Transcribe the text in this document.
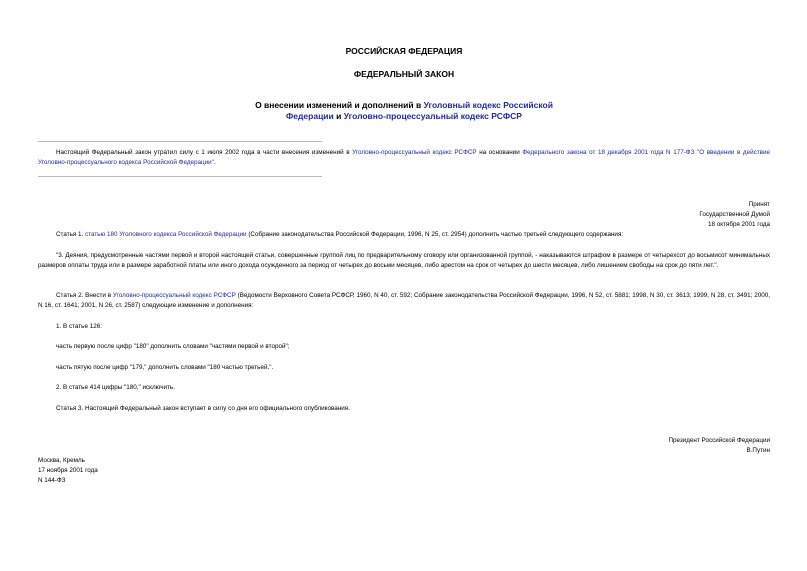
РОССИЙСКАЯ ФЕДЕРАЦИЯ
ФЕДЕРАЛЬНЫЙ ЗАКОН
О внесении изменений и дополнений в Уголовный кодекс Российской Федерации и Уголовно-процессуальный кодекс РСФСР
Настоящий Федеральный закон утратил силу с 1 июля 2002 года в части внесения изменений в Уголовно-процессуальный кодекс РСФСР на основании Федерального закона от 18 декабря 2001 года N 177-ФЗ "О введении в действие Уголовно-процессуального кодекса Российской Федерации".
Принят
Государственной Думой
18 октября 2001 года
Статья 1. статью 180 Уголовного кодекса Российской Федерации (Собрание законодательства Российской Федерации, 1996, N 25, ст. 2954) дополнить частью третьей следующего содержания:
"3. Деяния, предусмотренные частями первой и второй настоящей статьи, совершенные группой лиц по предварительному сговору или организованной группой, - наказываются штрафом в размере от четырехсот до восьмисот минимальных размеров оплаты труда или в размере заработной платы или иного дохода осужденного за период от четырех до восьми месяцев, либо арестом на срок от четырех до шести месяцев, либо лишением свободы на срок до пяти лет.".
Статья 2. Внести в Уголовно-процессуальный кодекс РСФСР (Ведомости Верховного Совета РСФСР, 1960, N 40, ст. 592; Собрание законодательства Российской Федерации, 1996, N 52, ст. 5881; 1998, N 30, ст. 3613; 1999, N 28, ст. 3491; 2000, N 16, ст. 1641; 2001, N 26, ст. 2587) следующие изменение и дополнения:
1. В статье 126:
часть первую после цифр "180" дополнить словами "частями первой и второй";
часть пятую после цифр "179," дополнить словами "180 частью третьей,".
2. В статье 414 цифры "180," исключить.
Статья 3. Настоящий Федеральный закон вступает в силу со дня его официального опубликования.
Президент Российской Федерации
В.Путин
Москва, Кремль
17 ноября 2001 года
N 144-ФЗ
